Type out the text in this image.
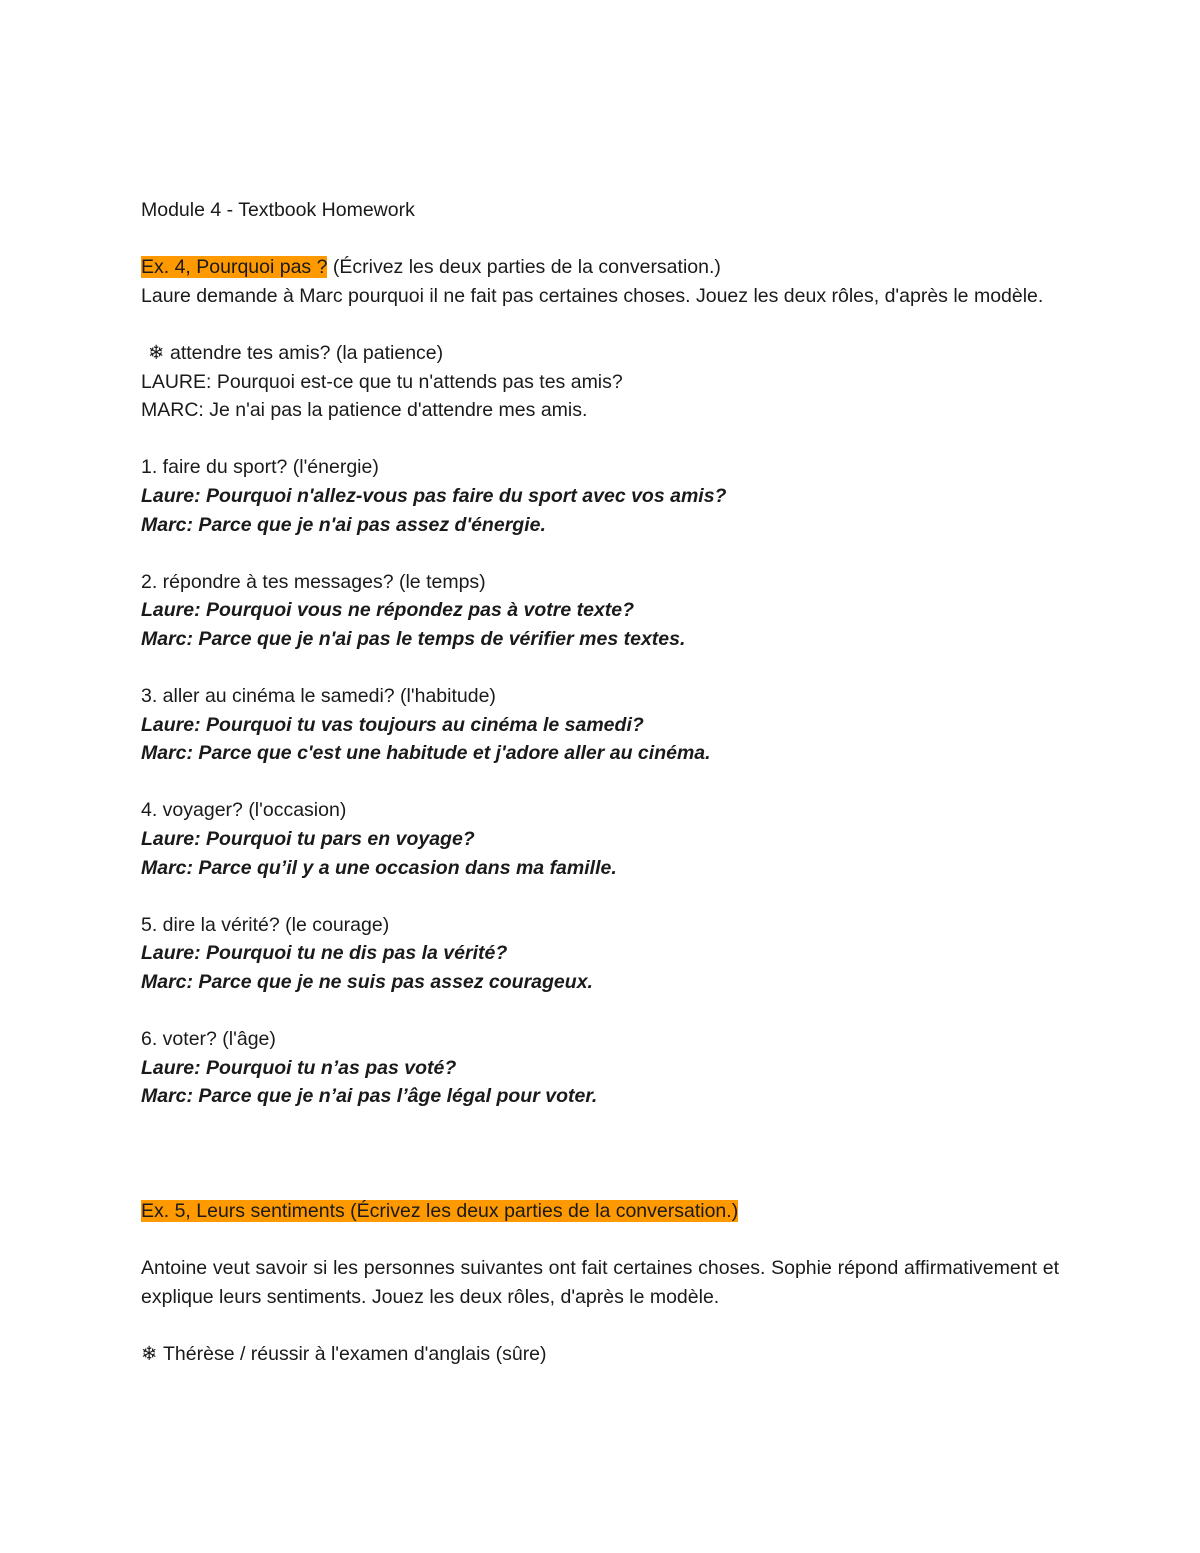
Module 4 - Textbook Homework
Ex. 4, Pourquoi pas ? (Écrivez les deux parties de la conversation.)
Laure demande à Marc pourquoi il ne fait pas certaines choses. Jouez les deux rôles, d'après le modèle.
❄ attendre tes amis? (la patience)
LAURE: Pourquoi est-ce que tu n'attends pas tes amis?
MARC: Je n'ai pas la patience d'attendre mes amis.
1. faire du sport? (l'énergie)
Laure: Pourquoi n'allez-vous pas faire du sport avec vos amis?
Marc: Parce que je n'ai pas assez d'énergie.
2. répondre à tes messages? (le temps)
Laure: Pourquoi vous ne répondez pas à votre texte?
Marc: Parce que je n'ai pas le temps de vérifier mes textes.
3. aller au cinéma le samedi? (l'habitude)
Laure: Pourquoi tu vas toujours au cinéma le samedi?
Marc: Parce que c'est une habitude et j'adore aller au cinéma.
4. voyager? (l'occasion)
Laure: Pourquoi tu pars en voyage?
Marc: Parce qu’il y a une occasion dans ma famille.
5. dire la vérité? (le courage)
Laure: Pourquoi tu ne dis pas la vérité?
Marc: Parce que je ne suis pas assez courageux.
6. voter? (l'âge)
Laure: Pourquoi tu n’as pas voté?
Marc: Parce que je n’ai pas l’âge légal pour voter.
Ex. 5, Leurs sentiments (Écrivez les deux parties de la conversation.)
Antoine veut savoir si les personnes suivantes ont fait certaines choses. Sophie répond affirmativement et explique leurs sentiments. Jouez les deux rôles, d'après le modèle.
❄ Thérèse / réussir à l'examen d'anglais (sûre)
